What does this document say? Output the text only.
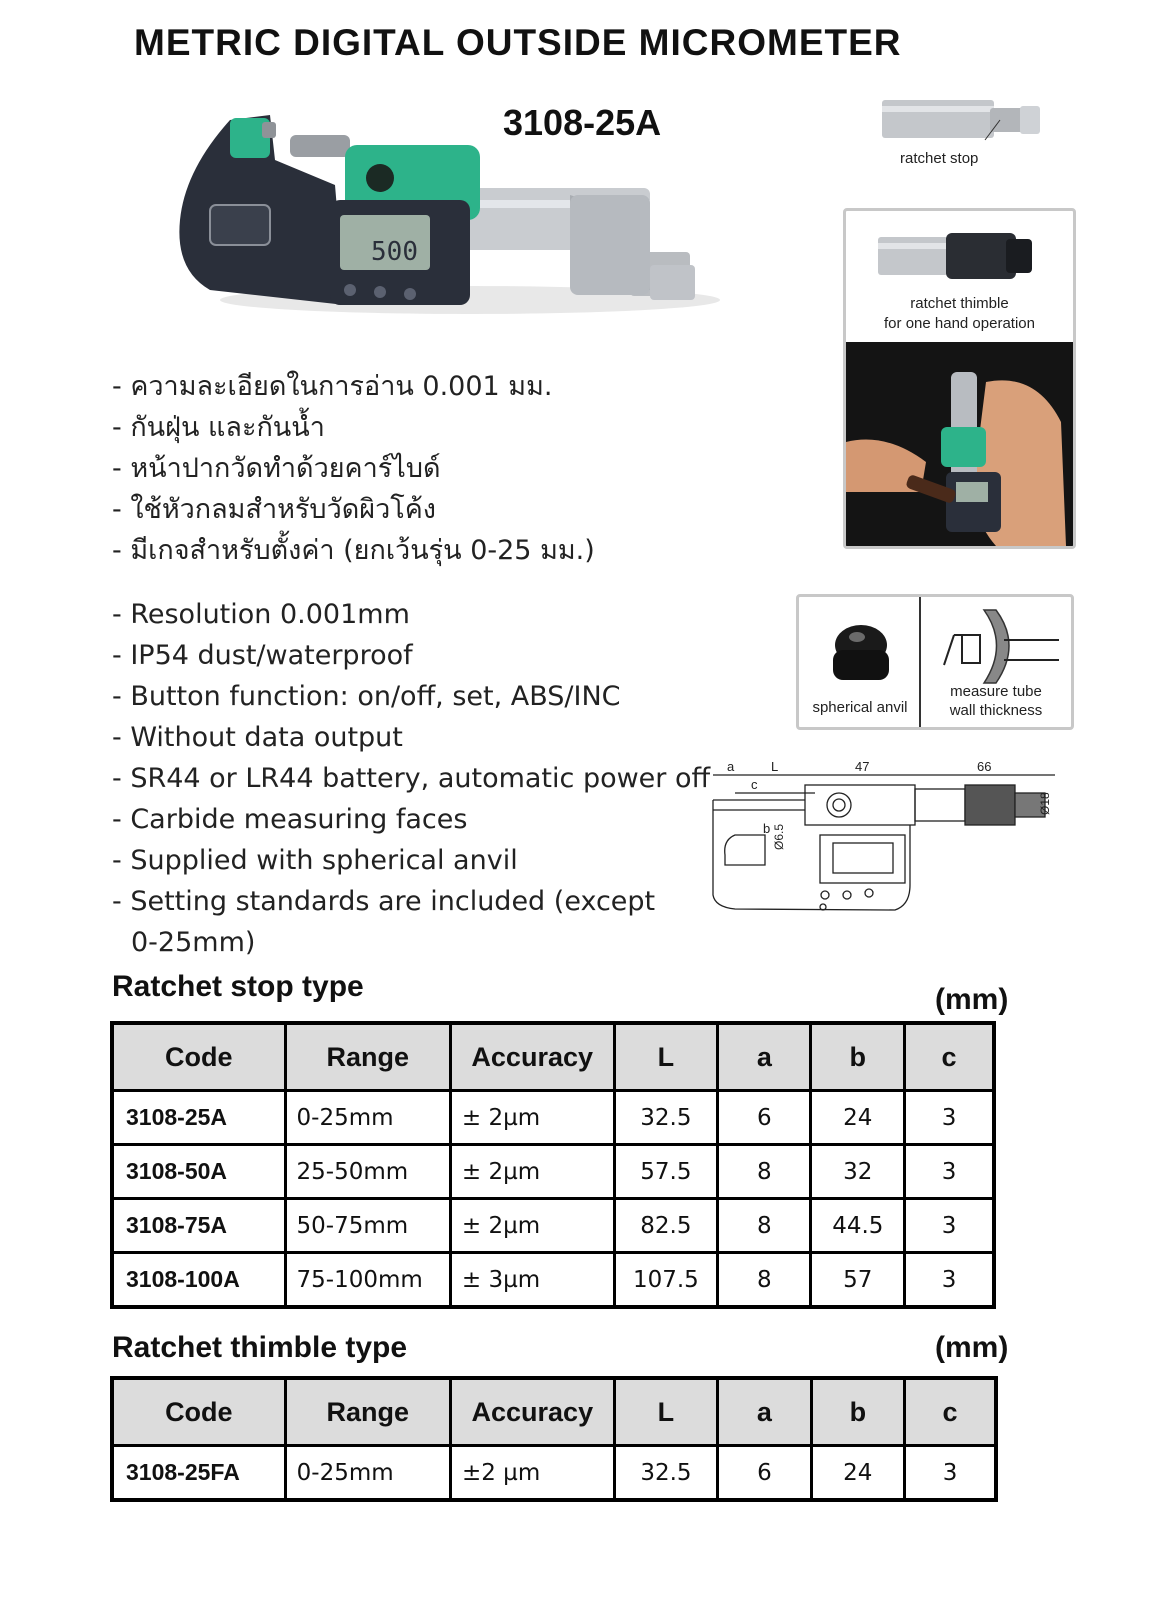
METRIC DIGITAL OUTSIDE MICROMETER
500
3108-25A
ratchet stop
ratchet thimble
for one hand operation
spherical anvil
measure tube
wall thickness
a	L	47	66
c
Ø18
Ø6.5
b
- ความละเอียดในการอ่าน 0.001 มม.
- กันฝุ่น และกันน้ำ
- หน้าปากวัดทำด้วยคาร์ไบด์
- ใช้หัวกลมสำหรับวัดผิวโค้ง
- มีเกจสำหรับตั้งค่า (ยกเว้นรุ่น 0-25 มม.)
- Resolution 0.001mm
- IP54 dust/waterproof
- Button function: on/off, set, ABS/INC
- Without data output
- SR44 or LR44 battery, automatic power off
- Carbide measuring faces
- Supplied with spherical anvil
- Setting standards are included (except
0-25mm)
Ratchet stop type	(mm)
Code	Range	Accuracy	L	a	b	c
3108-25A	0-25mm	± 2µm	32.5	6	24	3
3108-50A	25-50mm	± 2µm	57.5	8	32	3
3108-75A	50-75mm	± 2µm	82.5	8	44.5	3
3108-100A	75-100mm	± 3µm	107.5	8	57	3
Ratchet thimble type	(mm)
Code	Range	Accuracy	L	a	b	c
3108-25FA	0-25mm	±2 µm	32.5	6	24	3
